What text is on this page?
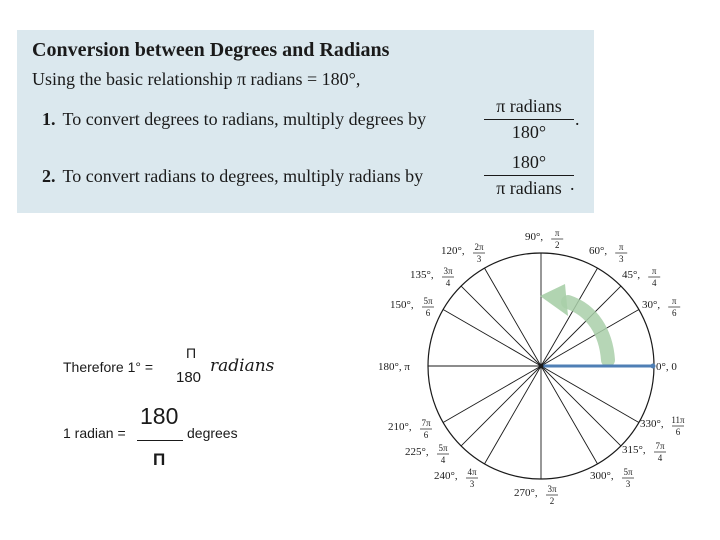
Conversion between Degrees and Radians
Using the basic relationship π radians = 180°,
1. To convert degrees to radians, multiply degrees by
π radians
180°
.
2. To convert radians to degrees, multiply radians by
180°
π radians .
Therefore 1° =
Π
180
radians
1 radian =
180
Π
degrees
90°, π
2	60°, π
3
45°, π
4
30°, π
6
0°, 0
330°, 11π
6
315°, 7π
4
300°, 5π
3
270°, 3π
2
240°, 4π
3
225°, 5π
4
210°, 7π
6
180°, π
150°, 5π
6
135°, 3π
4
120°, 2π
3
